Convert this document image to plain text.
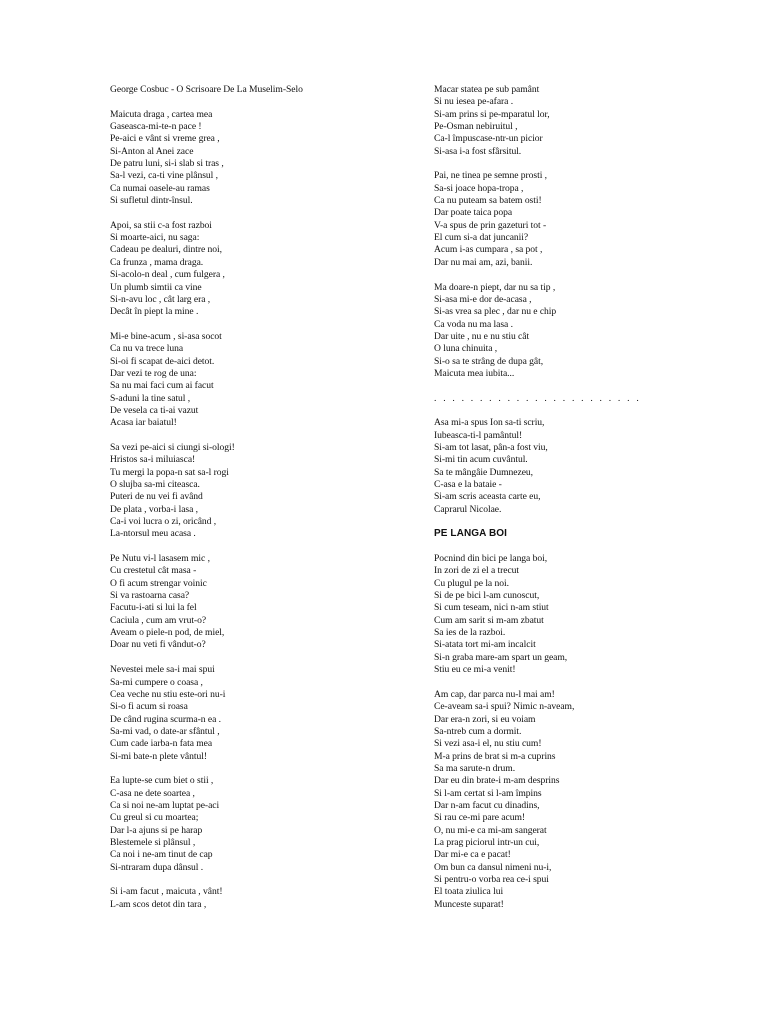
George Cosbuc - O Scrisoare De La Muselim-Selo
Maicuta draga , cartea mea
Gaseasca-mi-te-n pace !
Pe-aici e vânt si vreme grea ,
Si-Anton al Anei zace
De patru luni, si-i slab si tras ,
Sa-l vezi, ca-ti vine plânsul ,
Ca numai oasele-au ramas
Si sufletul dintr-însul.
Apoi, sa stii c-a fost razboi
Si moarte-aici, nu saga:
Cadeau pe dealuri, dintre noi,
Ca frunza , mama draga.
Si-acolo-n deal , cum fulgera ,
Un plumb simtii ca vine
Si-n-avu loc , cât larg era ,
Decât în piept la mine .
Mi-e bine-acum , si-asa socot
Ca nu va trece luna
Si-oi fi scapat de-aici detot.
Dar vezi te rog de una:
Sa nu mai faci cum ai facut
S-aduni la tine satul ,
De vesela ca ti-ai vazut
Acasa iar baiatul!
Sa vezi pe-aici si ciungi si-ologi!
Hristos sa-i miluiasca!
Tu mergi la popa-n sat sa-l rogi
O slujba sa-mi citeasca.
Puteri de nu vei fi având
De plata , vorba-i lasa ,
Ca-i voi lucra o zi, oricând ,
La-ntorsul meu acasa .
Pe Nutu vi-l lasasem mic ,
Cu crestetul cât masa -
O fi acum strengar voinic
Si va rastoarna casa?
Facutu-i-ati si lui la fel
Caciula , cum am vrut-o?
Aveam o piele-n pod, de miel,
Doar nu veti fi vândut-o?
Nevestei mele sa-i mai spui
Sa-mi cumpere o coasa ,
Cea veche nu stiu este-ori nu-i
Si-o fi acum si roasa
De când rugina scurma-n ea .
Sa-mi vad, o date-ar sfântul ,
Cum cade iarba-n fata mea
Si-mi bate-n plete vântul!
Ea lupte-se cum biet o stii ,
C-asa ne dete soartea ,
Ca si noi ne-am luptat pe-aci
Cu greul si cu moartea;
Dar l-a ajuns si pe harap
Blestemele si plânsul ,
Ca noi i ne-am tinut de cap
Si-ntraram dupa dânsul .
Si i-am facut , maicuta , vânt!
L-am scos detot din tara ,
Macar statea pe sub pamânt
Si nu iesea pe-afara .
Si-am prins si pe-mparatul lor,
Pe-Osman nebiruitul ,
Ca-l împuscase-ntr-un picior
Si-asa i-a fost sfârsitul.
Pai, ne tinea pe semne prosti ,
Sa-si joace hopa-tropa ,
Ca nu puteam sa batem osti!
Dar poate taica popa
V-a spus de prin gazeturi tot -
El cum si-a dat juncanii?
Acum i-as cumpara , sa pot ,
Dar nu mai am, azi, banii.
Ma doare-n piept, dar nu sa tip ,
Si-asa mi-e dor de-acasa ,
Si-as vrea sa plec , dar nu e chip
Ca voda nu ma lasa .
Dar uite , nu e nu stiu cât
O luna chinuita ,
Si-o sa te strâng de dupa gât,
Maicuta mea iubita...
. . . . . . . . . . . . . . . . . . . . . . .
Asa mi-a spus Ion sa-ti scriu,
Iubeasca-ti-l pamântul!
Si-am tot lasat, pân-a fost viu,
Si-mi tin acum cuvântul.
Sa te mângâie Dumnezeu,
C-asa e la bataie -
Si-am scris aceasta carte eu,
Caprarul Nicolae.
PE LANGA BOI
Pocnind din bici pe langa boi,
In zori de zi el a trecut
Cu plugul pe la noi.
Si de pe bici l-am cunoscut,
Si cum teseam, nici n-am stiut
Cum am sarit si m-am zbatut
Sa ies de la razboi.
Si-atata tort mi-am incalcit
Si-n graba mare-am spart un geam,
Stiu eu ce mi-a venit!
Am cap, dar parca nu-l mai am!
Ce-aveam sa-i spui? Nimic n-aveam,
Dar era-n zori, si eu voiam
Sa-ntreb cum a dormit.
Si vezi asa-i el, nu stiu cum!
M-a prins de brat si m-a cuprins
Sa ma sarute-n drum.
Dar eu din brate-i m-am desprins
Si l-am certat si l-am împins
Dar n-am facut cu dinadins,
Si rau ce-mi pare acum!
O, nu mi-e ca mi-am sangerat
La prag piciorul intr-un cui,
Dar mi-e ca e pacat!
Om bun ca dansul nimeni nu-i,
Si pentru-o vorba rea ce-i spui
El toata ziulica lui
Munceste suparat!
